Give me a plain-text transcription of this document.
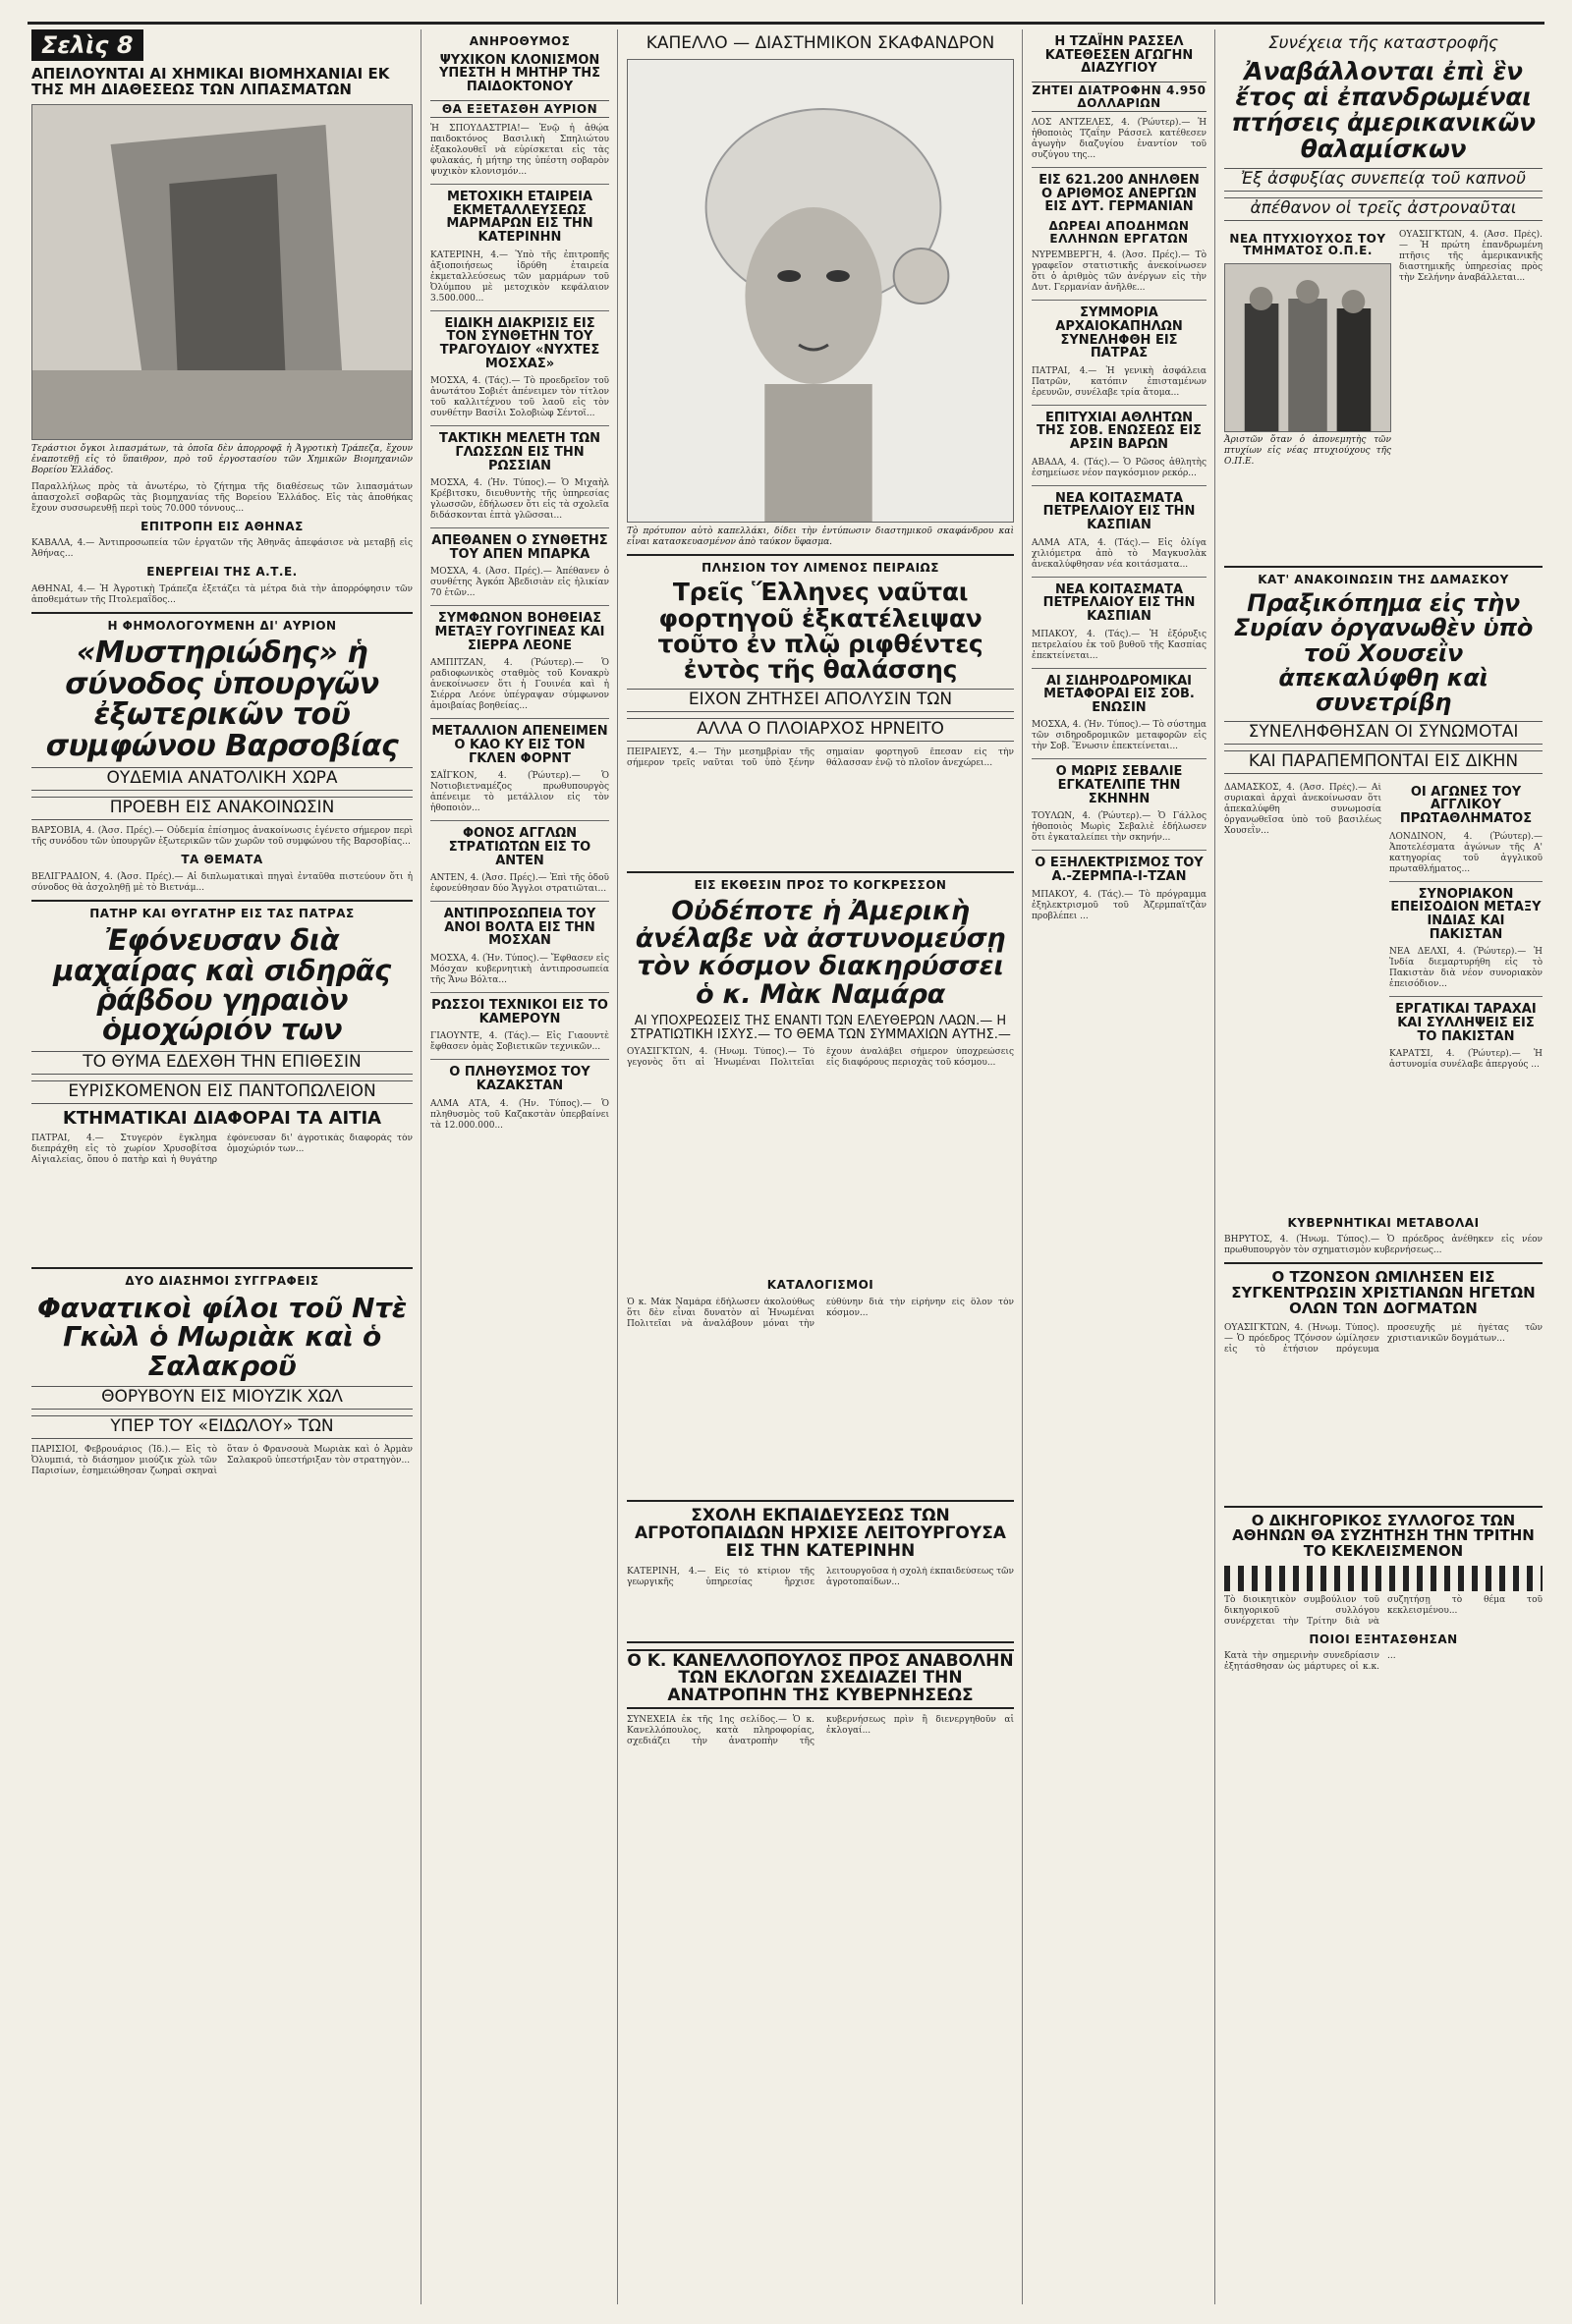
Σελὶς 8
ΑΠΕΙΛΟΥΝΤΑΙ ΑΙ ΧΗΜΙΚΑΙ ΒΙΟΜΗΧΑΝΙΑΙ ΕΚ ΤΗΣ ΜΗ ΔΙΑΘΕΣΕΩΣ ΤΩΝ ΛΙΠΑΣΜΑΤΩΝ
Τεράστιοι ὄγκοι λιπασμάτων, τὰ ὁποῖα δὲν ἀπορροφᾷ ἡ Ἀγροτικὴ Τράπεζα, ἔχουν ἐναποτεθῇ εἰς τὸ ὕπαιθρον, πρὸ τοῦ ἐργοστασίου τῶν Χημικῶν Βιομηχανιῶν Βορείου Ἑλλάδος.
Παραλλήλως πρὸς τὰ ἀνωτέρω, τὸ ζήτημα τῆς διαθέσεως τῶν λιπασμάτων ἀπασχολεῖ σοβαρῶς τὰς βιομηχανίας τῆς Βορείου Ἑλλάδος. Εἰς τὰς ἀποθήκας ἔχουν συσσωρευθῇ περὶ τοὺς 70.000 τόννους...
ΕΠΙΤΡΟΠΗ ΕΙΣ ΑΘΗΝΑΣ
ΚΑΒΑΛΑ, 4.— Ἀντιπροσωπεία τῶν ἐργατῶν τῆς Ἀθηνᾶς ἀπεφάσισε νὰ μεταβῇ εἰς Ἀθήνας...
ΕΝΕΡΓΕΙΑΙ ΤΗΣ Α.Τ.Ε.
ΑΘΗΝΑΙ, 4.— Ἡ Ἀγροτικὴ Τράπεζα ἐξετάζει τὰ μέτρα διὰ τὴν ἀπορρόφησιν τῶν ἀποθεμάτων τῆς Πτολεμαΐδος...
Η ΦΗΜΟΛΟΓΟΥΜΕΝΗ ΔΙ' ΑΥΡΙΟΝ
«Μυστηριώδης» ἡ σύνοδος ὑπουργῶν ἐξωτερικῶν τοῦ συμφώνου Βαρσοβίας
ΟΥΔΕΜΙΑ ΑΝΑΤΟΛΙΚΗ ΧΩΡΑ
ΠΡΟΕΒΗ ΕΙΣ ΑΝΑΚΟΙΝΩΣΙΝ
ΒΑΡΣΟΒΙΑ, 4. (Ἀσσ. Πρές).— Οὐδεμία ἐπίσημος ἀνακοίνωσις ἐγένετο σήμερον περὶ τῆς συνόδου τῶν ὑπουργῶν ἐξωτερικῶν τῶν χωρῶν τοῦ συμφώνου τῆς Βαρσοβίας...
ΤΑ ΘΕΜΑΤΑ
ΒΕΛΙΓΡΑΔΙΟΝ, 4. (Ἀσσ. Πρές).— Αἱ διπλωματικαὶ πηγαὶ ἐνταῦθα πιστεύουν ὅτι ἡ σύνοδος θὰ ἀσχοληθῇ μὲ τὸ Βιετνάμ...
ΠΑΤΗΡ ΚΑΙ ΘΥΓΑΤΗΡ ΕΙΣ ΤΑΣ ΠΑΤΡΑΣ
Ἐφόνευσαν διὰ μαχαίρας καὶ σιδηρᾶς ῥάβδου γηραιὸν ὁμοχώριόν των
ΤΟ ΘΥΜΑ ΕΔΕΧΘΗ ΤΗΝ ΕΠΙΘΕΣΙΝ
ΕΥΡΙΣΚΟΜΕΝΟΝ ΕΙΣ ΠΑΝΤΟΠΩΛΕΙΟΝ
ΚΤΗΜΑΤΙΚΑΙ ΔΙΑΦΟΡΑΙ ΤΑ ΑΙΤΙΑ
ΠΑΤΡΑΙ, 4.— Στυγερὸν ἔγκλημα διεπράχθη εἰς τὸ χωρίον Χρυσοβίτσα Αἰγιαλείας, ὅπου ὁ πατὴρ καὶ ἡ θυγάτηρ ἐφόνευσαν δι' ἀγροτικὰς διαφορὰς τὸν ὁμοχώριόν των...
ΔΥΟ ΔΙΑΣΗΜΟΙ ΣΥΓΓΡΑΦΕΙΣ
Φανατικοὶ φίλοι τοῦ Ντὲ Γκὼλ ὁ Μωριὰκ καὶ ὁ Σαλακροῦ
ΘΟΡΥΒΟΥΝ ΕΙΣ ΜΙΟΥΖΙΚ ΧΩΛ
ΥΠΕΡ ΤΟΥ «ΕΙΔΩΛΟΥ» ΤΩΝ
ΠΑΡΙΣΙΟΙ, Φεβρουάριος (Ἰδ.).— Εἰς τὸ Ὀλυμπιά, τὸ διάσημον μιούζικ χὼλ τῶν Παρισίων, ἐσημειώθησαν ζωηραὶ σκηναὶ ὅταν ὁ Φρανσουὰ Μωριὰκ καὶ ὁ Ἀρμὰν Σαλακροῦ ὑπεστήριξαν τὸν στρατηγὸν...
ΑΝΗΡΟΘΥΜΟΣ
ΨΥΧΙΚΟΝ ΚΛΟΝΙΣΜΟΝ ΥΠΕΣΤΗ Η ΜΗΤΗΡ ΤΗΣ ΠΑΙΔΟΚΤΟΝΟΥ
ΘΑ ΕΞΕΤΑΣΘΗ ΑΥΡΙΟΝ
Ἡ ΣΠΟΥΔΑΣΤΡΙΑ!— Ἐνῷ ἡ ἀθῴα παιδοκτόνος Βασιλικὴ Σπηλιώτου ἐξακολουθεῖ νὰ εὑρίσκεται εἰς τὰς φυλακάς, ἡ μήτηρ της ὑπέστη σοβαρὸν ψυχικὸν κλονισμόν...
ΜΕΤΟΧΙΚΗ ΕΤΑΙΡΕΙΑ ΕΚΜΕΤΑΛΛΕΥΣΕΩΣ ΜΑΡΜΑΡΩΝ ΕΙΣ ΤΗΝ ΚΑΤΕΡΙΝΗΝ
ΚΑΤΕΡΙΝΗ, 4.— Ὑπὸ τῆς ἐπιτροπῆς ἀξιοποιήσεως ἱδρύθη ἑταιρεία ἐκμεταλλεύσεως τῶν μαρμάρων τοῦ Ὀλύμπου μὲ μετοχικὸν κεφάλαιον 3.500.000...
ΕΙΔΙΚΗ ΔΙΑΚΡΙΣΙΣ ΕΙΣ ΤΟΝ ΣΥΝΘΕΤΗΝ ΤΟΥ ΤΡΑΓΟΥΔΙΟΥ «ΝΥΧΤΕΣ ΜΟΣΧΑΣ»
ΜΟΣΧΑ, 4. (Τάς).— Τὸ προεδρεῖον τοῦ ἀνωτάτου Σοβιέτ ἀπένειμεν τὸν τίτλον τοῦ καλλιτέχνου τοῦ λαοῦ εἰς τὸν συνθέτην Βασίλι Σολοβιὼφ Σέντοϊ...
ΤΑΚΤΙΚΗ ΜΕΛΕΤΗ ΤΩΝ ΓΛΩΣΣΩΝ ΕΙΣ ΤΗΝ ΡΩΣΣΙΑΝ
ΜΟΣΧΑ, 4. (Ἡν. Τύπος).— Ὁ Μιχαὴλ Κρέβιτσκυ, διευθυντὴς τῆς ὑπηρεσίας γλωσσῶν, ἐδήλωσεν ὅτι εἰς τὰ σχολεῖα διδάσκονται ἑπτὰ γλῶσσαι...
ΑΠΕΘΑΝΕΝ Ο ΣΥΝΘΕΤΗΣ ΤΟΥ ΑΠΕΝ ΜΠΑΡΚΑ
ΜΟΣΧΑ, 4. (Ἀσσ. Πρές).— Ἀπέθανεν ὁ συνθέτης Ἀγκόπ Ἀβεδισιὰν εἰς ἡλικίαν 70 ἐτῶν...
ΣΥΜΦΩΝΟΝ ΒΟΗΘΕΙΑΣ ΜΕΤΑΞΥ ΓΟΥΓΙΝΕΑΣ ΚΑΙ ΣΙΕΡΡΑ ΛΕΟΝΕ
ΑΜΠΙΤΖΑΝ, 4. (Ῥώυτερ).— Ὁ ραδιοφωνικὸς σταθμὸς τοῦ Κονακρὺ ἀνεκοίνωσεν ὅτι ἡ Γουινέα καὶ ἡ Σιέρρα Λεόνε ὑπέγραψαν σύμφωνον ἀμοιβαίας βοηθείας...
ΜΕΤΑΛΛΙΟΝ ΑΠΕΝΕΙΜΕΝ Ο ΚΑΟ ΚΥ ΕΙΣ ΤΟΝ ΓΚΛΕΝ ΦΟΡΝΤ
ΣΑΪΓΚΟΝ, 4. (Ῥώυτερ).— Ὁ Νοτιοβιετναμέζος πρωθυπουργὸς ἀπένειμε τὸ μετάλλιον εἰς τὸν ἠθοποιὸν...
ΦΟΝΟΣ ΑΓΓΛΩΝ ΣΤΡΑΤΙΩΤΩΝ ΕΙΣ ΤΟ ΑΝΤΕΝ
ΑΝΤΕΝ, 4. (Ἀσσ. Πρές).— Ἐπὶ τῆς ὁδοῦ ἐφονεύθησαν δύο Ἄγγλοι στρατιῶται...
ΑΝΤΙΠΡΟΣΩΠΕΙΑ ΤΟΥ ΑΝΟΙ ΒΟΛΤΑ ΕΙΣ ΤΗΝ ΜΟΣΧΑΝ
ΜΟΣΧΑ, 4. (Ἡν. Τύπος).— Ἔφθασεν εἰς Μόσχαν κυβερνητικὴ ἀντιπροσωπεία τῆς Ἄνω Βόλτα...
ΡΩΣΣΟΙ ΤΕΧΝΙΚΟΙ ΕΙΣ ΤΟ ΚΑΜΕΡΟΥΝ
ΓΙΑΟΥΝΤΕ, 4. (Τάς).— Εἰς Γιαουντὲ ἔφθασεν ὁμὰς Σοβιετικῶν τεχνικῶν...
Ο ΠΛΗΘΥΣΜΟΣ ΤΟΥ ΚΑΖΑΚΣΤΑΝ
ΑΛΜΑ ΑΤΑ, 4. (Ἡν. Τύπος).— Ὁ πληθυσμὸς τοῦ Καζακστὰν ὑπερβαίνει τὰ 12.000.000...
ΚΑΠΕΛΛΟ — ΔΙΑΣΤΗΜΙΚΟΝ ΣΚΑΦΑΝΔΡΟΝ
Τὸ πρότυπον αὐτὸ καπελλάκι, δίδει τὴν ἐντύπωσιν διαστημικοῦ σκαφάνδρου καὶ εἶναι κατασκευασμένον ἀπὸ ταύκον ὕφασμα.
ΠΛΗΣΙΟΝ ΤΟΥ ΛΙΜΕΝΟΣ ΠΕΙΡΑΙΩΣ
Τρεῖς Ἕλληνες ναῦται φορτηγοῦ ἐξκατέλειψαν τοῦτο ἐν πλῷ ριφθέντες ἐντὸς τῆς θαλάσσης
ΕΙΧΟΝ ΖΗΤΗΣΕΙ ΑΠΟΛΥΣΙΝ ΤΩΝ
ΑΛΛΑ Ο ΠΛΟΙΑΡΧΟΣ ΗΡΝΕΙΤΟ
ΠΕΙΡΑΙΕΥΣ, 4.— Τὴν μεσημβρίαν τῆς σήμερον τρεῖς ναῦται τοῦ ὑπὸ ξένην σημαίαν φορτηγοῦ ἔπεσαν εἰς τὴν θάλασσαν ἐνῷ τὸ πλοῖον ἀνεχώρει...
ΕΙΣ ΕΚΘΕΣΙΝ ΠΡΟΣ ΤΟ ΚΟΓΚΡΕΣΣΟΝ
Οὐδέποτε ἡ Ἀμερικὴ ἀνέλαβε νὰ ἀστυνομεύσῃ τὸν κόσμον διακηρύσσει ὁ κ. Μὰκ Ναμάρα
ΑΙ ΥΠΟΧΡΕΩΣΕΙΣ ΤΗΣ ΕΝΑΝΤΙ ΤΩΝ ΕΛΕΥΘΕΡΩΝ ΛΑΩΝ.— Η ΣΤΡΑΤΙΩΤΙΚΗ ΙΣΧΥΣ.— ΤΟ ΘΕΜΑ ΤΩΝ ΣΥΜΜΑΧΙΩΝ ΑΥΤΗΣ.—
ΟΥΑΣΙΓΚΤΩΝ, 4. (Ἡνωμ. Τύπος).— Τὸ γεγονὸς ὅτι αἱ Ἡνωμέναι Πολιτεῖαι ἔχουν ἀναλάβει σήμερον ὑποχρεώσεις εἰς διαφόρους περιοχὰς τοῦ κόσμου...
ΚΑΤΑΛΟΓΙΣΜΟΙ
Ὁ κ. Μὰκ Ναμάρα ἐδήλωσεν ἀκολούθως ὅτι δὲν εἶναι δυνατὸν αἱ Ἡνωμέναι Πολιτεῖαι νὰ ἀναλάβουν μόναι τὴν εὐθύνην διὰ τὴν εἰρήνην εἰς ὅλον τὸν κόσμον...
ΣΧΟΛΗ ΕΚΠΑΙΔΕΥΣΕΩΣ ΤΩΝ ΑΓΡΟΤΟΠΑΙΔΩΝ ΗΡΧΙΣΕ ΛΕΙΤΟΥΡΓΟΥΣΑ ΕΙΣ ΤΗΝ ΚΑΤΕΡΙΝΗΝ
ΚΑΤΕΡΙΝΗ, 4.— Εἰς τὸ κτίριον τῆς γεωργικῆς ὑπηρεσίας ἤρχισε λειτουργοῦσα ἡ σχολὴ ἐκπαιδεύσεως τῶν ἀγροτοπαίδων...
Ο Κ. ΚΑΝΕΛΛΟΠΟΥΛΟΣ ΠΡΟΣ ΑΝΑΒΟΛΗΝ ΤΩΝ ΕΚΛΟΓΩΝ ΣΧΕΔΙΑΖΕΙ ΤΗΝ ΑΝΑΤΡΟΠΗΝ ΤΗΣ ΚΥΒΕΡΝΗΣΕΩΣ
ΣΥΝΕΧΕΙΑ ἐκ τῆς 1ης σελίδος.— Ὁ κ. Κανελλόπουλος, κατὰ πληροφορίας, σχεδιάζει τὴν ἀνατροπὴν τῆς κυβερνήσεως πρὶν ἢ διενεργηθοῦν αἱ ἐκλογαί...
Η ΤΖΑΪΗΝ ΡΑΣΣΕΛ ΚΑΤΕΘΕΣΕΝ ΑΓΩΓΗΝ ΔΙΑΖΥΓΙΟΥ
ΖΗΤΕΙ ΔΙΑΤΡΟΦΗΝ 4.950 ΔΟΛΛΑΡΙΩΝ
ΛΟΣ ΑΝΤΖΕΛΕΣ, 4. (Ῥώυτερ).— Ἡ ἠθοποιὸς Τζαΐην Ράσσελ κατέθεσεν ἀγωγὴν διαζυγίου ἐναντίον τοῦ συζύγου της...
ΕΙΣ 621.200 ΑΝΗΛΘΕΝ Ο ΑΡΙΘΜΟΣ ΑΝΕΡΓΩΝ ΕΙΣ ΔΥΤ. ΓΕΡΜΑΝΙΑΝ
ΔΩΡΕΑΙ ΑΠΟΔΗΜΩΝ ΕΛΛΗΝΩΝ ΕΡΓΑΤΩΝ
ΝΥΡΕΜΒΕΡΓΗ, 4. (Ἀσσ. Πρές).— Τὸ γραφεῖον στατιστικῆς ἀνεκοίνωσεν ὅτι ὁ ἀριθμὸς τῶν ἀνέργων εἰς τὴν Δυτ. Γερμανίαν ἀνῆλθε...
ΣΥΜΜΟΡΙΑ ΑΡΧΑΙΟΚΑΠΗΛΩΝ ΣΥΝΕΛΗΦΘΗ ΕΙΣ ΠΑΤΡΑΣ
ΠΑΤΡΑΙ, 4.— Ἡ γενικὴ ἀσφάλεια Πατρῶν, κατόπιν ἐπισταμένων ἐρευνῶν, συνέλαβε τρία ἄτομα...
ΕΠΙΤΥΧΙΑΙ ΑΘΛΗΤΩΝ ΤΗΣ ΣΟΒ. ΕΝΩΣΕΩΣ ΕΙΣ ΑΡΣΙΝ ΒΑΡΩΝ
ΑΒΑΔΑ, 4. (Τάς).— Ὁ Ρῶσος ἀθλητὴς ἐσημείωσε νέον παγκόσμιον ρεκόρ...
ΝΕΑ ΚΟΙΤΑΣΜΑΤΑ ΠΕΤΡΕΛΑΙΟΥ ΕΙΣ ΤΗΝ ΚΑΣΠΙΑΝ
ΑΛΜΑ ΑΤΑ, 4. (Τάς).— Εἰς ὀλίγα χιλιόμετρα ἀπὸ τὸ Μαγκυσλὰκ ἀνεκαλύφθησαν νέα κοιτάσματα...
ΝΕΑ ΚΟΙΤΑΣΜΑΤΑ ΠΕΤΡΕΛΑΙΟΥ ΕΙΣ ΤΗΝ ΚΑΣΠΙΑΝ
ΜΠΑΚΟΥ, 4. (Τάς).— Ἡ ἐξόρυξις πετρελαίου ἐκ τοῦ βυθοῦ τῆς Κασπίας ἐπεκτείνεται...
ΑΙ ΣΙΔΗΡΟΔΡΟΜΙΚΑΙ ΜΕΤΑΦΟΡΑΙ ΕΙΣ ΣΟΒ. ΕΝΩΣΙΝ
ΜΟΣΧΑ, 4. (Ἡν. Τύπος).— Τὸ σύστημα τῶν σιδηροδρομικῶν μεταφορῶν εἰς τὴν Σοβ. Ἕνωσιν ἐπεκτείνεται...
Ο ΜΩΡΙΣ ΣΕΒΑΛΙΕ ΕΓΚΑΤΕΛΙΠΕ ΤΗΝ ΣΚΗΝΗΝ
ΤΟΥΛΩΝ, 4. (Ῥώυτερ).— Ὁ Γάλλος ἠθοποιὸς Μωρὶς Σεβαλιὲ ἐδήλωσεν ὅτι ἐγκαταλείπει τὴν σκηνήν...
Ο ΕΞΗΛΕΚΤΡΙΣΜΟΣ ΤΟΥ Α.-ΖΕΡΜΠΑ-Ι-ΤΖΑΝ
ΜΠΑΚΟΥ, 4. (Τάς).— Τὸ πρόγραμμα ἐξηλεκτρισμοῦ τοῦ Ἀζερμπαϊτζὰν προβλέπει ...
Συνέχεια τῆς καταστροφῆς
Ἀναβάλλονται ἐπὶ ἓν ἔτος αἱ ἐπανδρωμέναι πτήσεις ἀμερικανικῶν θαλαμίσκων
Ἐξ ἀσφυξίας συνεπείᾳ τοῦ καπνοῦ
ἀπέθανον οἱ τρεῖς ἀστροναῦται
ΝΕΑ ΠΤΥΧΙΟΥΧΟΣ ΤΟΥ ΤΜΗΜΑΤΟΣ Ο.Π.Ε.
Ἀριστῶν ὅταν ὁ ἀπονεμητὴς τῶν πτυχίων εἰς νέας πτυχιούχους τῆς Ο.Π.Ε.
ΟΥΑΣΙΓΚΤΩΝ, 4. (Ἀσσ. Πρές).— Ἡ πρώτη ἐπανδρωμένη πτῆσις τῆς ἀμερικανικῆς διαστημικῆς ὑπηρεσίας πρὸς τὴν Σελήνην ἀναβάλλεται...
ΚΑΤ' ΑΝΑΚΟΙΝΩΣΙΝ ΤΗΣ ΔΑΜΑΣΚΟΥ
Πραξικόπημα εἰς τὴν Συρίαν ὀργανωθὲν ὑπὸ τοῦ Χουσεῒν ἀπεκαλύφθη καὶ συνετρίβη
ΣΥΝΕΛΗΦΘΗΣΑΝ ΟΙ ΣΥΝΩΜΟΤΑΙ
ΚΑΙ ΠΑΡΑΠΕΜΠΟΝΤΑΙ ΕΙΣ ΔΙΚΗΝ
ΔΑΜΑΣΚΟΣ, 4. (Ἀσσ. Πρές).— Αἱ συριακαὶ ἀρχαὶ ἀνεκοίνωσαν ὅτι ἀπεκαλύφθη συνωμοσία ὀργανωθεῖσα ὑπὸ τοῦ βασιλέως Χουσεῒν...
ΟΙ ΑΓΩΝΕΣ ΤΟΥ ΑΓΓΛΙΚΟΥ ΠΡΩΤΑΘΛΗΜΑΤΟΣ
ΛΟΝΔΙΝΟΝ, 4. (Ῥώυτερ).— Ἀποτελέσματα ἀγώνων τῆς Α' κατηγορίας τοῦ ἀγγλικοῦ πρωταθλήματος...
ΣΥΝΟΡΙΑΚΟΝ ΕΠΕΙΣΟΔΙΟΝ ΜΕΤΑΞΥ ΙΝΔΙΑΣ ΚΑΙ ΠΑΚΙΣΤΑΝ
ΝΕΑ ΔΕΛΧΙ, 4. (Ῥώυτερ).— Ἡ Ἰνδία διεμαρτυρήθη εἰς τὸ Πακιστὰν διὰ νέον συνοριακὸν ἐπεισόδιον...
ΕΡΓΑΤΙΚΑΙ ΤΑΡΑΧΑΙ ΚΑΙ ΣΥΛΛΗΨΕΙΣ ΕΙΣ ΤΟ ΠΑΚΙΣΤΑΝ
ΚΑΡΑΤΣΙ, 4. (Ῥώυτερ).— Ἡ ἀστυνομία συνέλαβε ἀπεργούς ...
ΚΥΒΕΡΝΗΤΙΚΑΙ ΜΕΤΑΒΟΛΑΙ
ΒΗΡΥΤΟΣ, 4. (Ἡνωμ. Τύπος).— Ὁ πρόεδρος ἀνέθηκεν εἰς νέον πρωθυπουργὸν τὸν σχηματισμὸν κυβερνήσεως...
Ο ΤΖΟΝΣΟΝ ΩΜΙΛΗΣΕΝ ΕΙΣ ΣΥΓΚΕΝΤΡΩΣΙΝ ΧΡΙΣΤΙΑΝΩΝ ΗΓΕΤΩΝ ΟΛΩΝ ΤΩΝ ΔΟΓΜΑΤΩΝ
ΟΥΑΣΙΓΚΤΩΝ, 4. (Ἡνωμ. Τύπος).— Ὁ πρόεδρος Τζόνσον ὡμίλησεν εἰς τὸ ἐτήσιον πρόγευμα προσευχῆς μὲ ἡγέτας τῶν χριστιανικῶν δογμάτων...
Ο ΔΙΚΗΓΟΡΙΚΟΣ ΣΥΛΛΟΓΟΣ ΤΩΝ ΑΘΗΝΩΝ ΘΑ ΣΥΖΗΤΗΣΗ ΤΗΝ ΤΡΙΤΗΝ ΤΟ ΚΕΚΛΕΙΣΜΕΝΟΝ
Τὸ διοικητικὸν συμβούλιον τοῦ δικηγορικοῦ συλλόγου συνέρχεται τὴν Τρίτην διὰ νὰ συζητήσῃ τὸ θέμα τοῦ κεκλεισμένου...
ΠΟΙΟΙ ΕΞΗΤΑΣΘΗΣΑΝ
Κατὰ τὴν σημερινὴν συνεδρίασιν ἐξητάσθησαν ὡς μάρτυρες οἱ κ.κ. ...
